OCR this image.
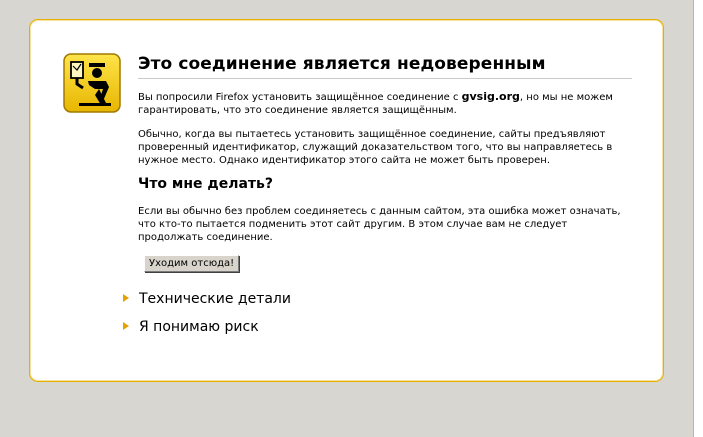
Это соединение является недоверенным

Вы попросили Firefox установить защищённое соединение с gvsig.org, но мы не можем гарантировать, что это соединение является защищённым.

Обычно, когда вы пытаетесь установить защищённое соединение, сайты предъявляют проверенный идентификатор, служащий доказательством того, что вы направляетесь в нужное место. Однако идентификатор этого сайта не может быть проверен.

Что мне делать?

Если вы обычно без проблем соединяетесь с данным сайтом, эта ошибка может означать, что кто-то пытается подменить этот сайт другим. В этом случае вам не следует продолжать соединение.

Уходим отсюда!
Технические детали
Я понимаю риск
